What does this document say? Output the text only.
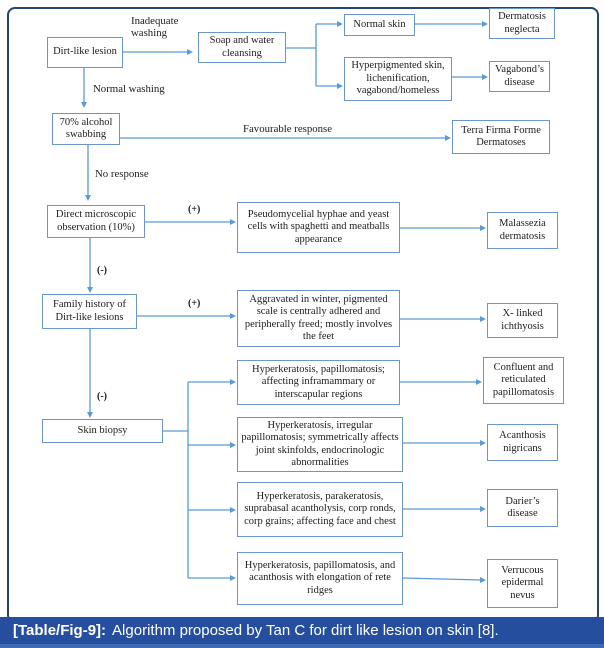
Dirt-like lesion
Soap and water cleansing
Normal skin
Dermatosis neglecta
Hyperpigmented skin, lichenification, vagabond/homeless
Vagabond’s disease
70% alcohol swabbing	Terra Firma Forme Dermatoses
Direct microscopic observation (10%)
Pseudomycelial hyphae and yeast cells with spaghetti and meatballs appearance
Malassezia dermatosis
Family history of Dirt-like lesions
Aggravated in winter, pigmented scale is centrally adhered and peripherally freed; mostly involves the feet
X- linked ichthyosis
Hyperkeratosis, papillomatosis; affecting inframammary or interscapular regions
Confluent and reticulated papillomatosis
Hyperkeratosis, irregular papillomatosis; symmetrically affects joint skinfolds, endocrinologic abnormalities
Acanthosis nigricans
Skin biopsy
Hyperkeratosis, parakeratosis, suprabasal acantholysis, corp ronds, corp grains; affecting face and chest
Darier’s disease
Hyperkeratosis, papillomatosis, and acanthosis with elongation of rete ridges
Verrucous epidermal nevus
Inadequate washing
Normal washing
Favourable response
No response
(+)
(-)
(+)
(-)
[Table/Fig-9]: Algorithm proposed by Tan C for dirt like lesion on skin [8].
